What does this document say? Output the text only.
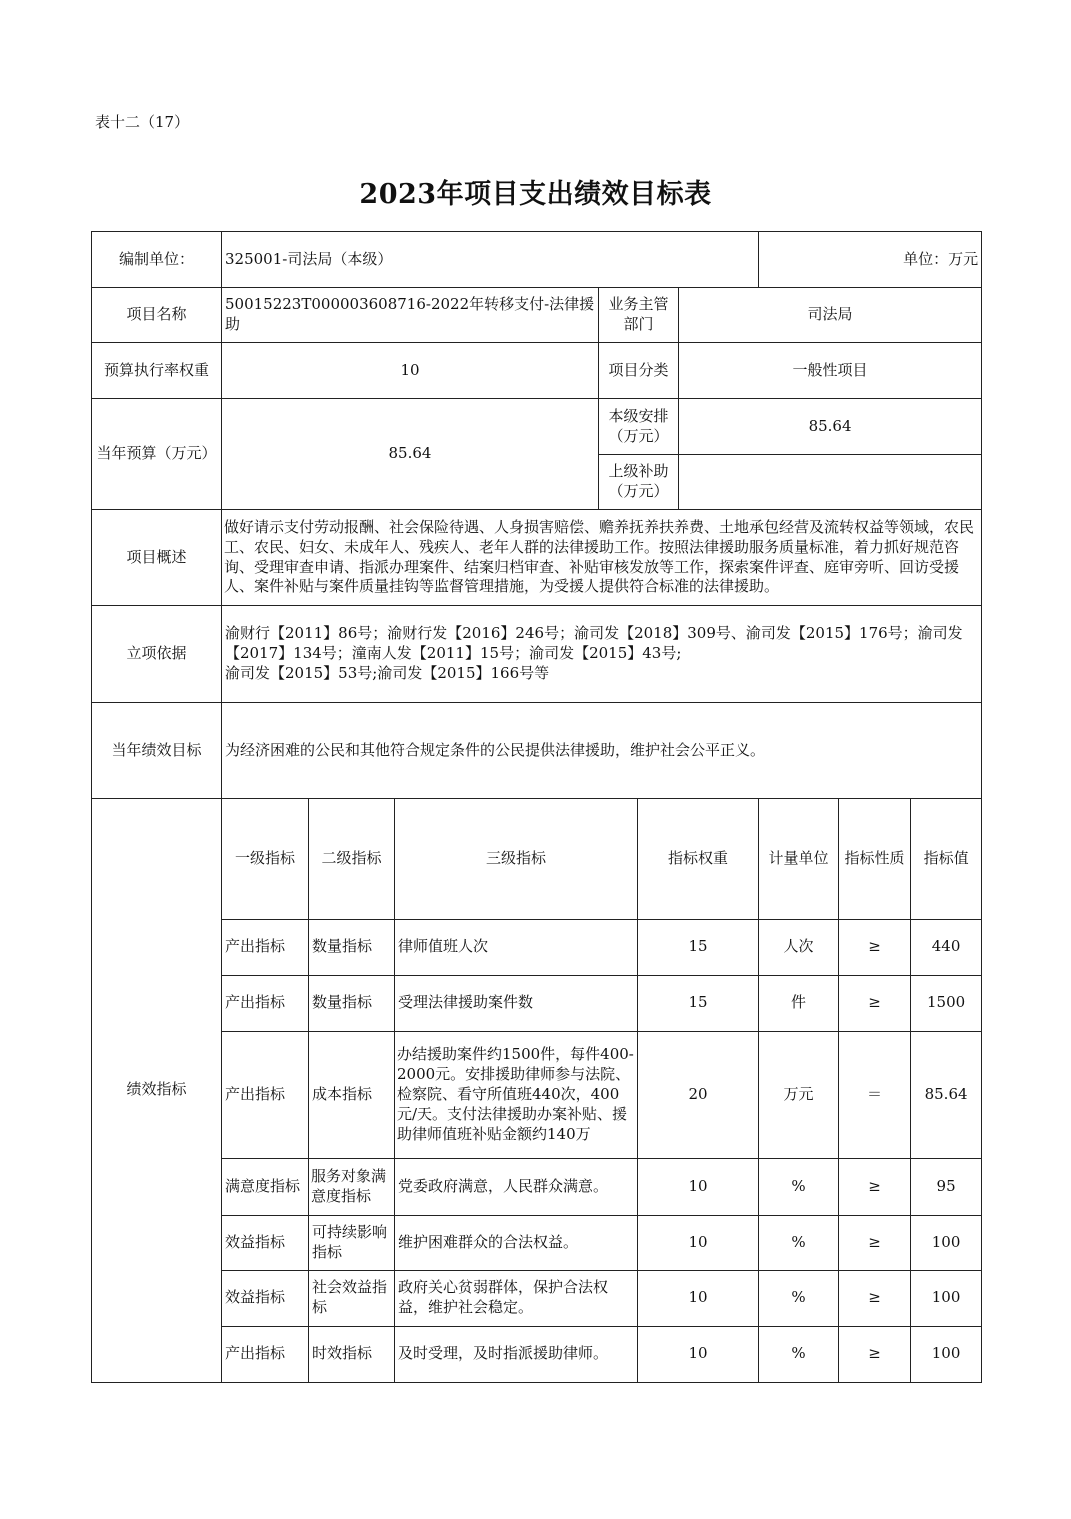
表十二（17）
2023年项目支出绩效目标表
编制单位：	325001-司法局（本级）						单位：万元			
项目名称	50015223T000003608716-2022年转移支付-法律援助			业务主管部门		司法局				
预算执行率权重	10			项目分类		一般性项目				
当年预算（万元）	85.64			本级安排（万元）		85.64				
				上级补助（万元）						
项目概述	做好请示支付劳动报酬、社会保险待遇、人身损害赔偿、赡养抚养扶养费、土地承包经营及流转权益等领域，农民工、农民、妇女、未成年人、残疾人、老年人群的法律援助工作。按照法律援助服务质量标准，着力抓好规范咨询、受理审查申请、指派办理案件、结案归档审查、补贴审核发放等工作，探索案件评查、庭审旁听、回访受援人、案件补贴与案件质量挂钩等监督管理措施，为受援人提供符合标准的法律援助。									

立项依据	渝财行【2011】86号；渝财行发【2016】246号；渝司发【2018】309号、渝司发【2015】176号；渝司发【2017】134号；潼南人发【2011】15号；渝司发【2015】43号;
渝司发【2015】53号;渝司发【2015】166号等									

当年绩效目标	为经济困难的公民和其他符合规定条件的公民提供法律援助，维护社会公平正义。									
绩效指标	一级指标	二级指标	三级指标		指标权重		计量单位	指标性质	指标值	
	产出指标	数量指标	律师值班人次		15		人次	≥	440	
	产出指标	数量指标	受理法律援助案件数		15		件	≥	1500	
	产出指标	成本指标	办结援助案件约1500件，每件400-2000元。安排援助律师参与法院、检察院、看守所值班440次，400元/天。支付法律援助办案补贴、援助律师值班补贴金额约140万		20		万元	＝	85.64	
	满意度指标	服务对象满意度指标	党委政府满意，人民群众满意。		10		%	≥	95	
	效益指标	可持续影响指标	维护困难群众的合法权益。		10		%	≥	100	
	效益指标	社会效益指标	政府关心贫弱群体，保护合法权益，维护社会稳定。		10		%	≥	100	
	产出指标	时效指标	及时受理，及时指派援助律师。		10		%	≥	100	
